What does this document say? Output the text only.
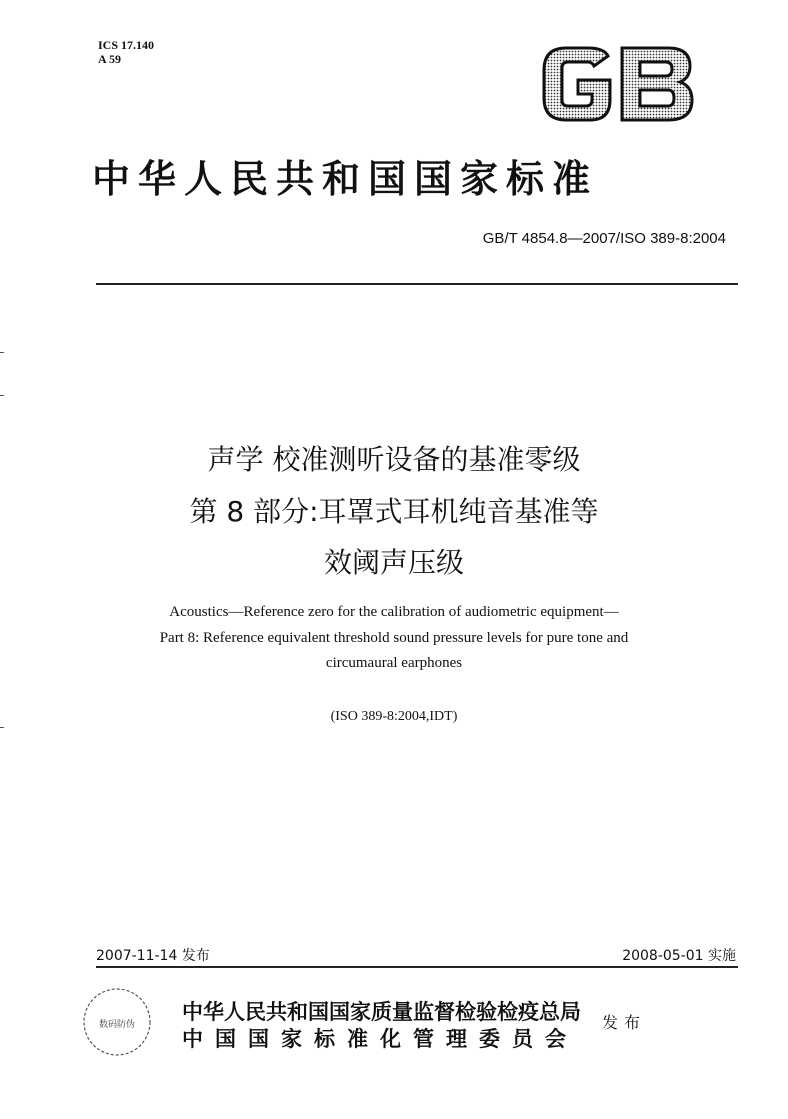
ICS 17.140
A 59
中华人民共和国国家标准
GB/T 4854.8—2007/ISO 389-8:2004
声学 校准测听设备的基准零级
第 8 部分:耳罩式耳机纯音基准等
效阈声压级
Acoustics—Reference zero for the calibration of audiometric equipment—
Part 8: Reference equivalent threshold sound pressure levels for pure tone and
circumaural earphones
(ISO 389-8:2004,IDT)
2007-11-14 发布	2008-05-01 实施
数码防伪
中华人民共和国国家质量监督检验检疫总局
中国国家标准化管理委员会
发布
